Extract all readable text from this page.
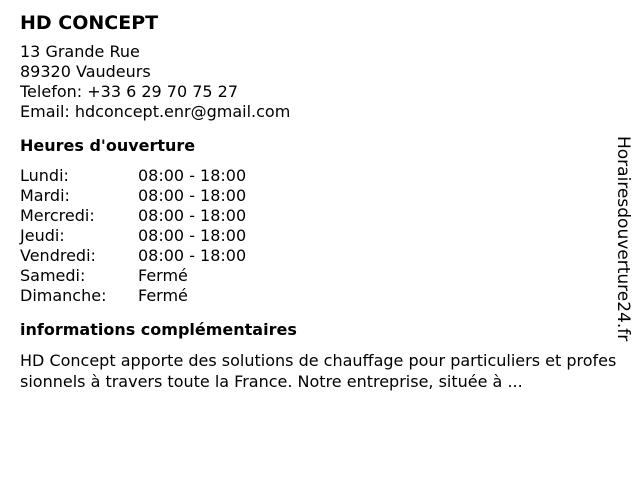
HD CONCEPT
13 Grande Rue
89320 Vaudeurs
Telefon: +33 6 29 70 75 27
Email: hdconcept.enr@gmail.com
Heures d'ouverture
Lundi:	08:00 - 18:00
Mardi:	08:00 - 18:00
Mercredi:	08:00 - 18:00
Jeudi:	08:00 - 18:00
Vendredi:	08:00 - 18:00
Samedi:	Fermé
Dimanche:	Fermé
informations complémentaires
HD Concept apporte des solutions de chauffage pour particuliers et professionnels à travers toute la France. Notre entreprise, située à ...
Horairesdouverture24.fr
